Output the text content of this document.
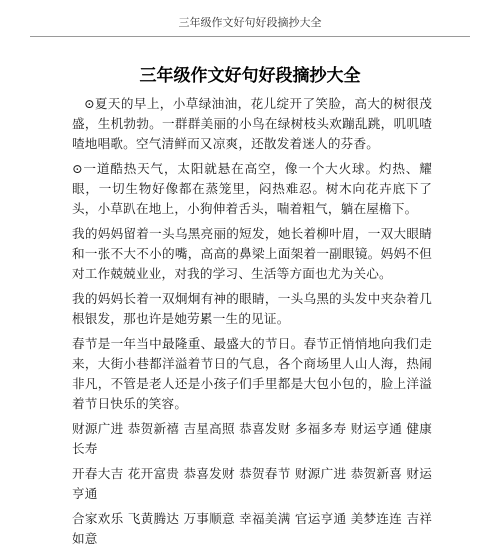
三年级作文好句好段摘抄大全
三年级作文好句好段摘抄大全

⊙夏天的早上，小草绿油油，花儿绽开了笑脸，高大的树很茂盛，生机勃勃。一群群美丽的小鸟在绿树枝头欢蹦乱跳，叽叽喳喳地唱歌。空气清鲜而又凉爽，还散发着迷人的芬香。

⊙一道酷热天气，太阳就悬在高空，像一个大火球。灼热、耀眼，一切生物好像都在蒸笼里，闷热难忍。树木向花卉底下了头，小草趴在地上，小狗伸着舌头，喘着粗气，躺在屋檐下。

我的妈妈留着一头乌黑亮丽的短发，她长着柳叶眉，一双大眼睛和一张不大不小的嘴，高高的鼻梁上面架着一副眼镜。妈妈不但对工作兢兢业业，对我的学习、生活等方面也尤为关心。

我的妈妈长着一双炯炯有神的眼睛，一头乌黑的头发中夹杂着几根银发，那也许是她劳累一生的见证。

春节是一年当中最隆重、最盛大的节日。春节正悄悄地向我们走来，大街小巷都洋溢着节日的气息，各个商场里人山人海，热闹非凡，不管是老人还是小孩子们手里都是大包小包的，脸上洋溢着节日快乐的笑容。

财源广进 恭贺新禧 吉星高照 恭喜发财 多福多寿 财运亨通 健康长寿

开春大吉 花开富贵 恭喜发财 恭贺春节 财源广进 恭贺新喜 财运亨通

合家欢乐 飞黄腾达 万事顺意 幸福美满 官运亨通 美梦连连 吉祥如意
